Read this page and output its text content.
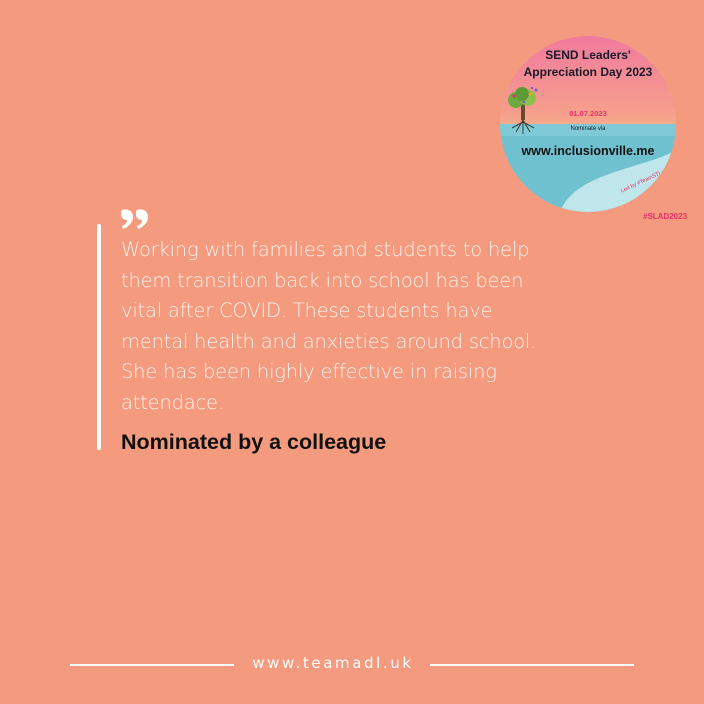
SEND Leaders'
Appreciation Day 2023
01.07.2023
Nominate via
www.inclusionville.me
Led by #TeamSTL
#SLAD2023

Working with families and students to help them transition back into school has been vital after COVID. These students have mental health and anxieties around school. She has been highly effective in raising attendace.

Nominated by a colleague
www.teamadl.uk
